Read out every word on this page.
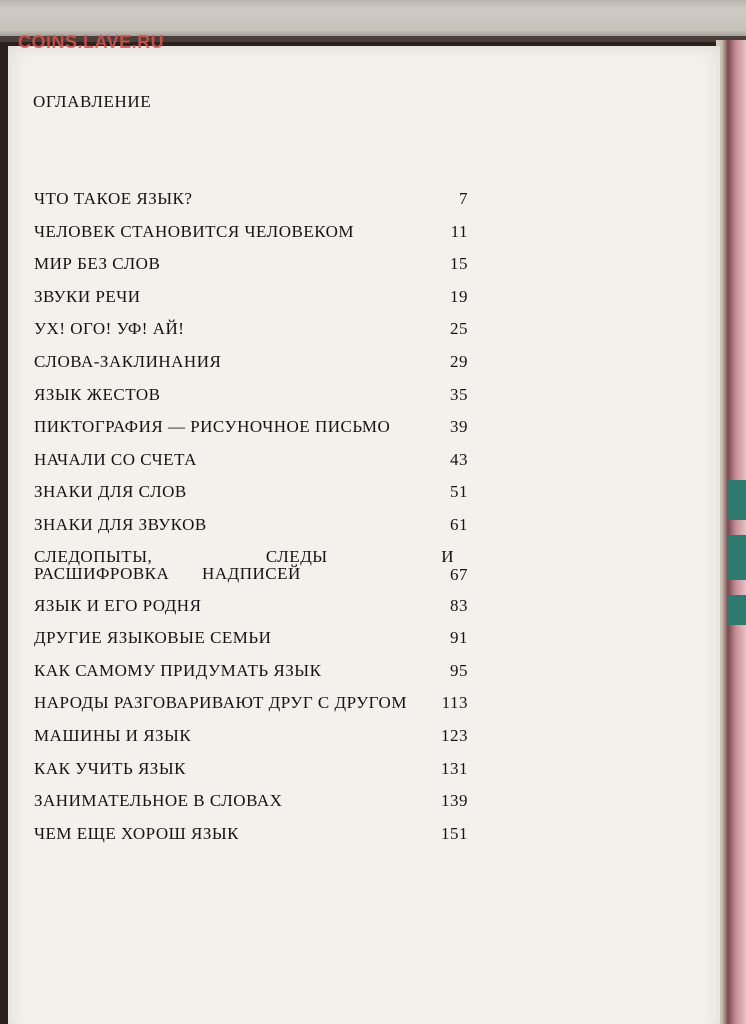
ОГЛАВЛЕНИЕ
ЧТО ТАКОЕ ЯЗЫК?	7
ЧЕЛОВЕК СТАНОВИТСЯ ЧЕЛОВЕКОМ	11
МИР БЕЗ СЛОВ	15
ЗВУКИ РЕЧИ	19
УХ! ОГО! УФ! АЙ!	25
СЛОВА-ЗАКЛИНАНИЯ	29
ЯЗЫК ЖЕСТОВ	35
ПИКТОГРАФИЯ — РИСУНОЧНОЕ ПИСЬМО	39
НАЧАЛИ СО СЧЕТА	43
ЗНАКИ ДЛЯ СЛОВ	51
ЗНАКИ ДЛЯ ЗВУКОВ	61
СЛЕДОПЫТЫ, СЛЕДЫ И РАСШИФРОВКА НАДПИСЕЙ	67
ЯЗЫК И ЕГО РОДНЯ	83
ДРУГИЕ ЯЗЫКОВЫЕ СЕМЬИ	91
КАК САМОМУ ПРИДУМАТЬ ЯЗЫК	95
НАРОДЫ РАЗГОВАРИВАЮТ ДРУГ С ДРУГОМ 113
МАШИНЫ И ЯЗЫК	123
КАК УЧИТЬ ЯЗЫК	131
ЗАНИМАТЕЛЬНОЕ В СЛОВАХ	139
ЧЕМ ЕЩЕ ХОРОШ ЯЗЫК	151
COINS.LAVE.RU
